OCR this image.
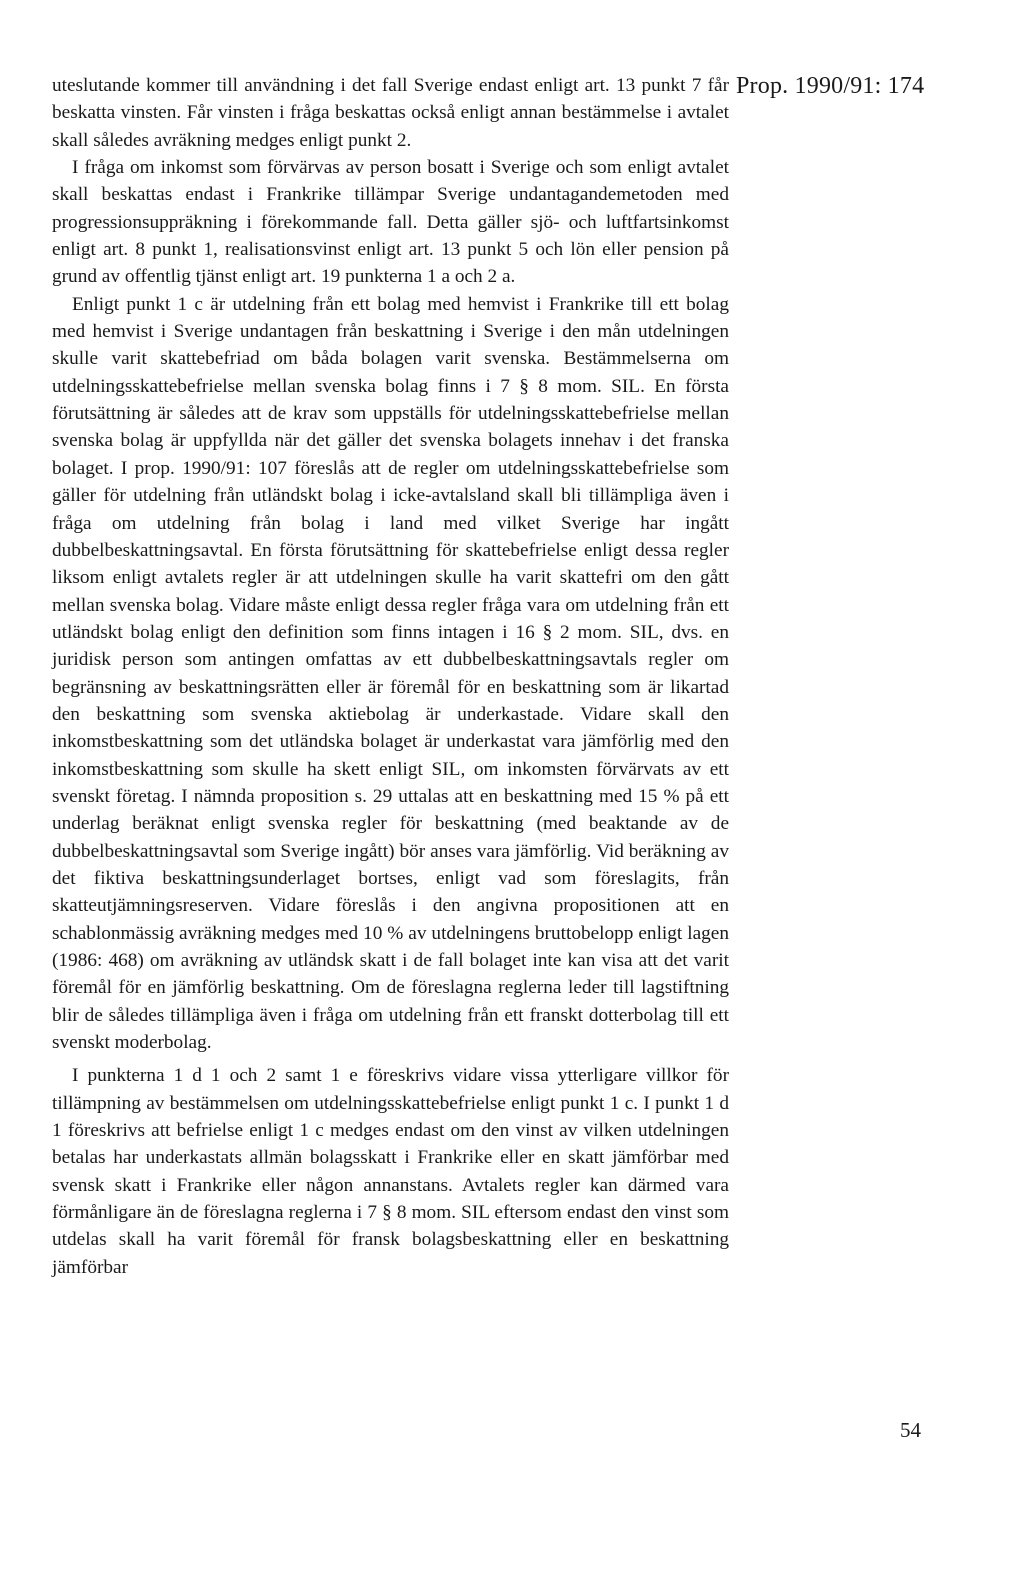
Prop. 1990/91: 174

uteslutande kommer till användning i det fall Sverige endast enligt art. 13 punkt 7 får beskatta vinsten. Får vinsten i fråga beskattas också enligt annan bestämmelse i avtalet skall således avräkning medges enligt punkt 2.

I fråga om inkomst som förvärvas av person bosatt i Sverige och som enligt avtalet skall beskattas endast i Frankrike tillämpar Sverige undantagandemetoden med progressionsuppräkning i förekommande fall. Detta gäller sjö- och luftfartsinkomst enligt art. 8 punkt 1, realisationsvinst enligt art. 13 punkt 5 och lön eller pension på grund av offentlig tjänst enligt art. 19 punkterna 1 a och 2 a.

Enligt punkt 1 c är utdelning från ett bolag med hemvist i Frankrike till ett bolag med hemvist i Sverige undantagen från beskattning i Sverige i den mån utdelningen skulle varit skattebefriad om båda bolagen varit svenska. Bestämmelserna om utdelningsskattebefrielse mellan svenska bolag finns i 7 § 8 mom. SIL. En första förutsättning är således att de krav som uppställs för utdelningsskattebefrielse mellan svenska bolag är uppfyllda när det gäller det svenska bolagets innehav i det franska bolaget. I prop. 1990/91: 107 föreslås att de regler om utdelningsskattebefrielse som gäller för utdelning från utländskt bolag i icke-avtalsland skall bli tillämpliga även i fråga om utdelning från bolag i land med vilket Sverige har ingått dubbelbeskattningsavtal. En första förutsättning för skattebefrielse enligt dessa regler liksom enligt avtalets regler är att utdelningen skulle ha varit skattefri om den gått mellan svenska bolag. Vidare måste enligt dessa regler fråga vara om utdelning från ett utländskt bolag enligt den definition som finns intagen i 16 § 2 mom. SIL, dvs. en juridisk person som antingen omfattas av ett dubbelbeskattningsavtals regler om begränsning av beskattningsrätten eller är föremål för en beskattning som är likartad den beskattning som svenska aktiebolag är underkastade. Vidare skall den inkomstbeskattning som det utländska bolaget är underkastat vara jämförlig med den inkomstbeskattning som skulle ha skett enligt SIL, om inkomsten förvärvats av ett svenskt företag. I nämnda proposition s. 29 uttalas att en beskattning med 15 % på ett underlag beräknat enligt svenska regler för beskattning (med beaktande av de dubbelbeskattningsavtal som Sverige ingått) bör anses vara jämförlig. Vid beräkning av det fiktiva beskattningsunderlaget bortses, enligt vad som föreslagits, från skatteutjämningsreserven. Vidare föreslås i den angivna propositionen att en schablonmässig avräkning medges med 10 % av utdelningens bruttobelopp enligt lagen (1986: 468) om avräkning av utländsk skatt i de fall bolaget inte kan visa att det varit föremål för en jämförlig beskattning. Om de föreslagna reglerna leder till lagstiftning blir de således tillämpliga även i fråga om utdelning från ett franskt dotterbolag till ett svenskt moderbolag.

I punkterna 1 d 1 och 2 samt 1 e föreskrivs vidare vissa ytterligare villkor för tillämpning av bestämmelsen om utdelningsskattebefrielse enligt punkt 1 c. I punkt 1 d 1 föreskrivs att befrielse enligt 1 c medges endast om den vinst av vilken utdelningen betalas har underkastats allmän bolagsskatt i Frankrike eller en skatt jämförbar med svensk skatt i Frankrike eller någon annanstans. Avtalets regler kan därmed vara förmånligare än de föreslagna reglerna i 7 § 8 mom. SIL eftersom endast den vinst som utdelas skall ha varit föremål för fransk bolagsbeskattning eller en beskattning jämförbar

54
